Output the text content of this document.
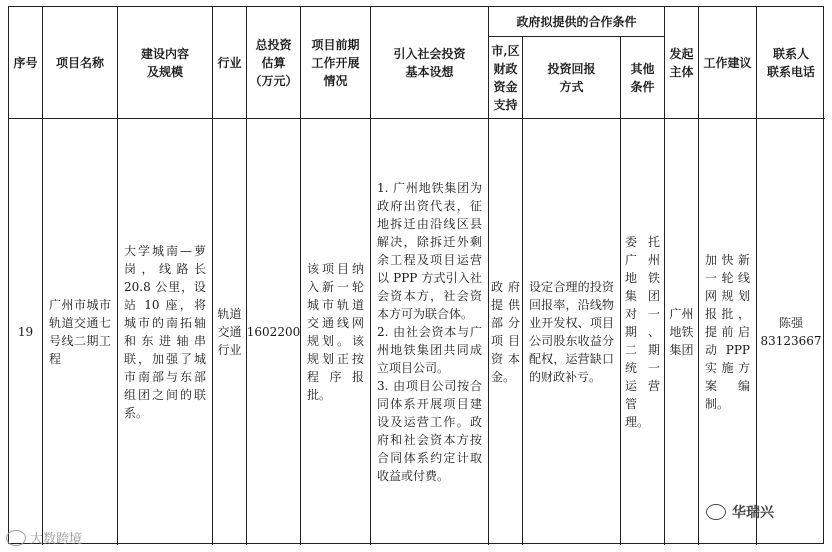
序号	项目名称
建设内容
及规模
行业
总投资
估算
（万元）
项目前期
工作开展
情况
引入社会投资
基本设想
政府拟提供的合作条件
市,区
财政
资金
支持
投资回报
方式
其他
条件
发起
主体
工作建议
联系人
联系电话
19
广州市城市轨道交通七号线二期工程
大学城南—萝岗，线路长 20.8 公里，设站 10 座，将城市的南拓轴和东进轴串联，加强了城市南部与东部组团之间的联系。
轨道交通行业
1602200
该项目纳入新一轮城市轨道交通线网规划。该规划正按程序报批。
1. 广州地铁集团为政府出资代表，征地拆迁由沿线区县解决，除拆迁外剩余工程及项目运营以 PPP 方式引入社会资本方，社会资本方可为联合体。
2. 由社会资本与广州地铁集团共同成立项目公司。
3. 由项目公司按合同体系开展项目建设及运营工作。政府和社会资本方按合同体系约定计取收益或付费。
政府提供部分项目资本金。
设定合理的投资回报率，沿线物业开发权、项目公司股东收益分配权，运营缺口的财政补亏。
委托广州地铁集团对一期、二期统一运营管理。
广州地铁集团
加快新一轮线网规划报批，提前启动PPP实施方案编制。
陈强
83123667
大数跨境
华瑞兴
